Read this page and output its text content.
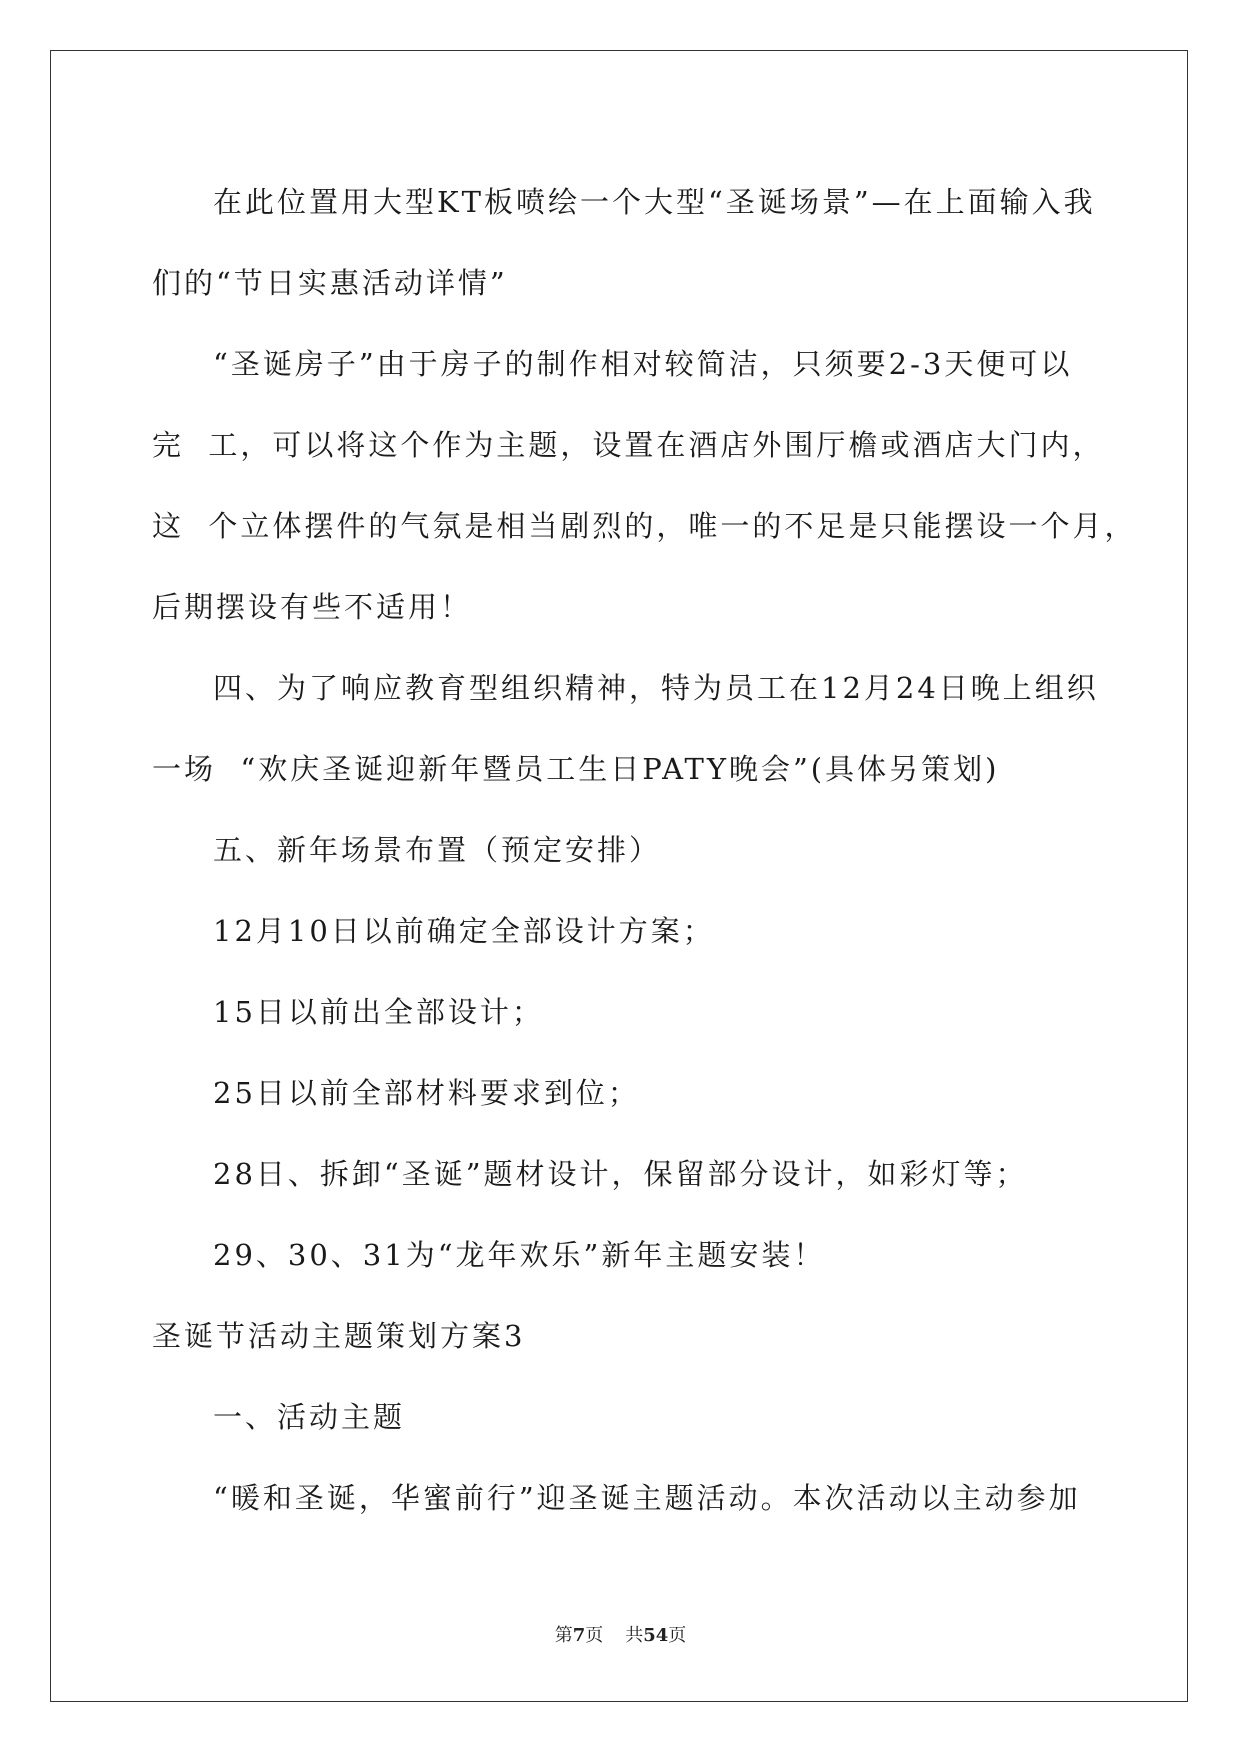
在此位置用大型KT板喷绘一个大型“圣诞场景”—在上面输入我

们的“节日实惠活动详情”

“圣诞房子”由于房子的制作相对较简洁，只须要2-3天便可以

完  工，可以将这个作为主题，设置在酒店外围厅檐或酒店大门内，

这  个立体摆件的气氛是相当剧烈的，唯一的不足是只能摆设一个月，

后期摆设有些不适用！

四、为了响应教育型组织精神，特为员工在12月24日晚上组织

一场  “欢庆圣诞迎新年暨员工生日PATY晚会”(具体另策划)

五、新年场景布置（预定安排）

12月10日以前确定全部设计方案；

15日以前出全部设计；

25日以前全部材料要求到位；

28日、拆卸“圣诞”题材设计，保留部分设计，如彩灯等；

29、30、31为“龙年欢乐”新年主题安装！

圣诞节活动主题策划方案3

一、活动主题

“暖和圣诞，华蜜前行”迎圣诞主题活动。本次活动以主动参加

第7页 共54页
